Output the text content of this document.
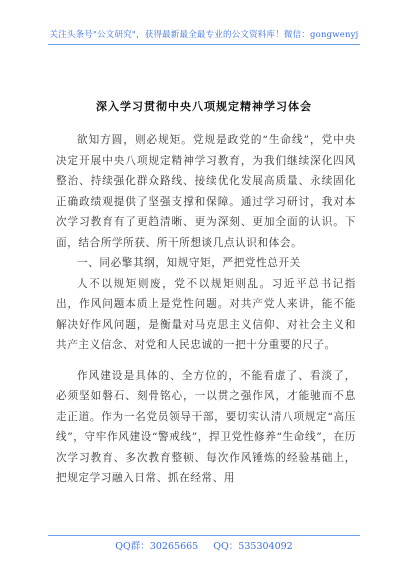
关注头条号"公文研究"，获得最新最全最专业的公文资料库！微信：gongwenyj
深入学习贯彻中央八项规定精神学习体会

欲知方圆，则必规矩。党规是政党的“生命线”，党中央决定开展中央八项规定精神学习教育，为我们继续深化四风整治、持续强化群众路线、接续优化发展高质量、永续固化正确政绩观提供了坚强支撑和保障。通过学习研讨，我对本次学习教育有了更趋清晰、更为深刻、更加全面的认识。下面，结合所学所获、所干所想谈几点认识和体会。

一、同必擎其纲，知规守矩，严把党性总开关

人不以规矩则废，党不以规矩则乱。习近平总书记指出，作风问题本质上是党性问题。对共产党人来讲，能不能解决好作风问题，是衡量对马克思主义信仰、对社会主义和共产主义信念、对党和人民忠诚的一把十分重要的尺子。

作风建设是具体的、全方位的，不能看虚了、看淡了，必须坚如磐石、刻骨铭心，一以贯之强作风，才能驰而不息走正道。作为一名党员领导干部，要切实认清八项规定“高压线”，守牢作风建设“警戒线”，捍卫党性修养“生命线”，在历次学习教育、多次教育整顿、每次作风锤炼的经验基础上，把规定学习融入日常、抓在经常、用

QQ群：30265665 QQ：535304092
